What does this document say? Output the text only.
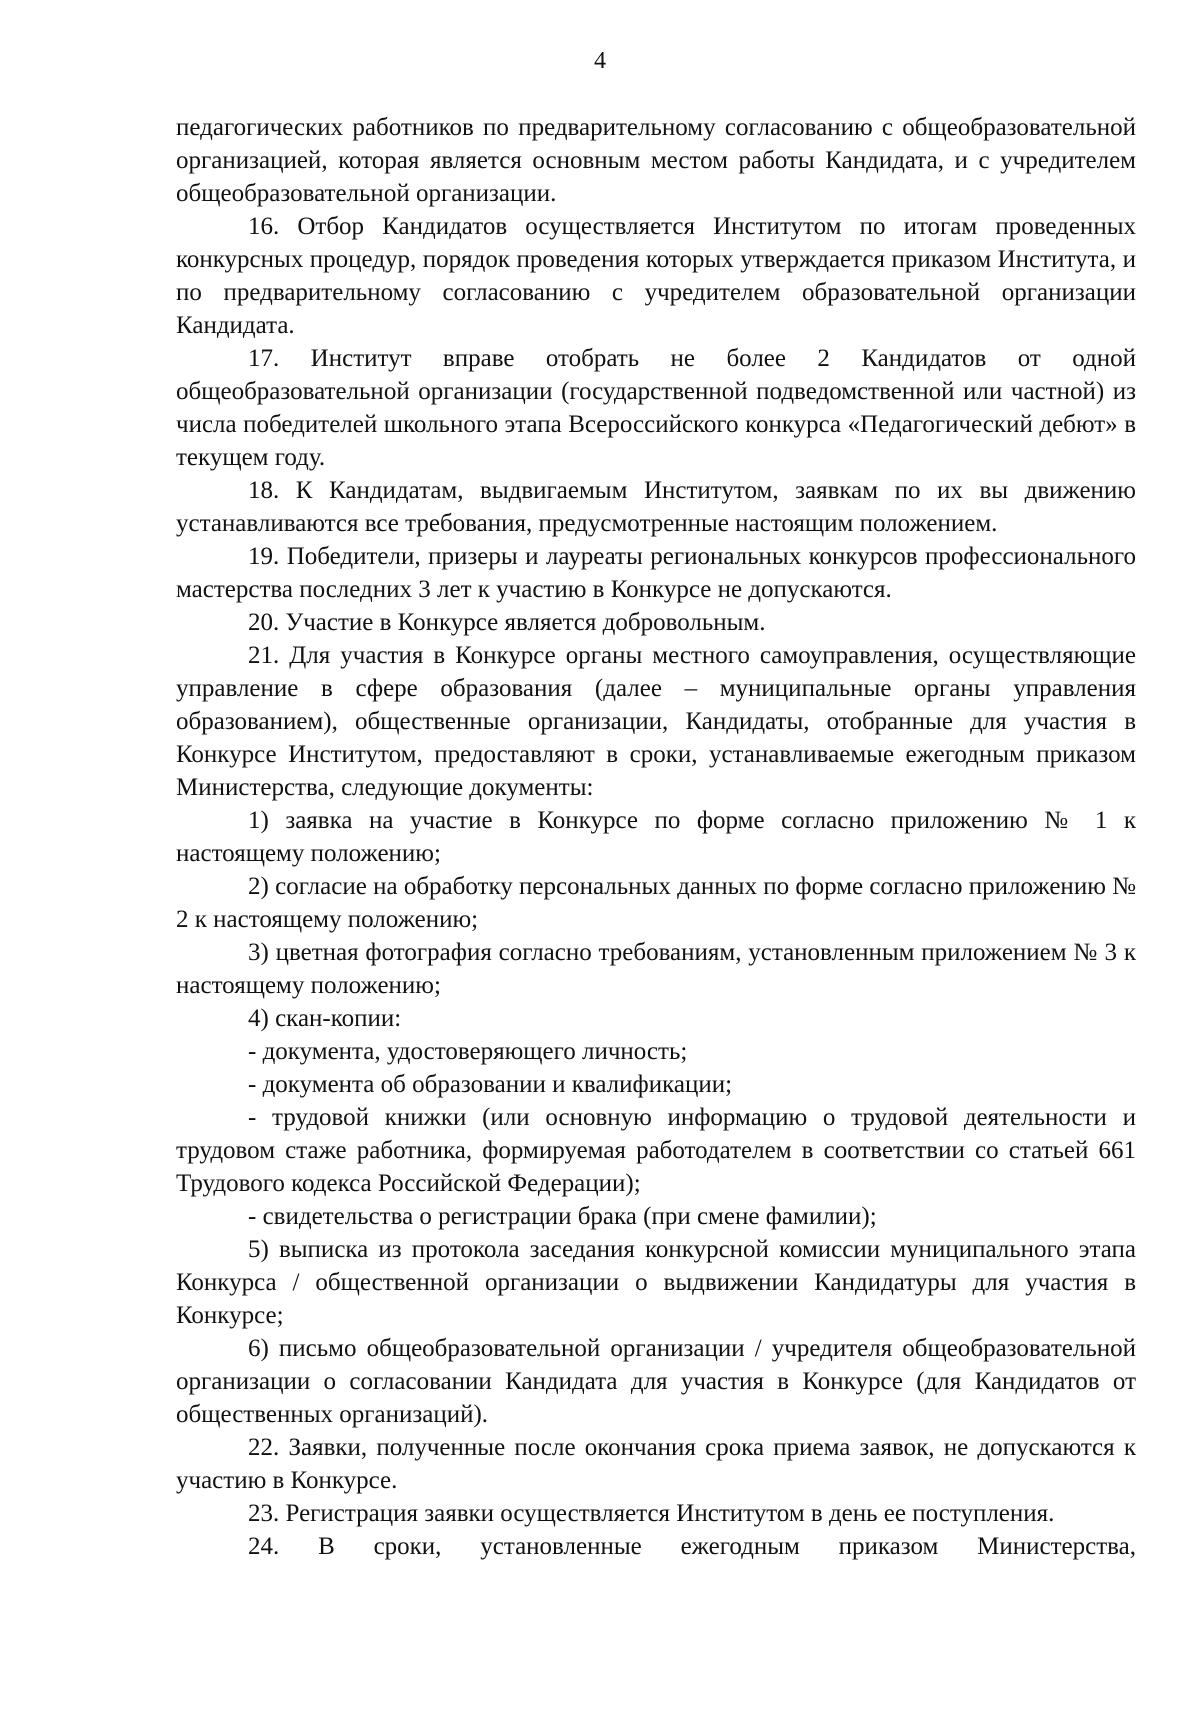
4

педагогических работников по предварительному согласованию с общеобразовательной организацией, которая является основным местом работы Кандидата, и с учредителем общеобразовательной организации.

16. Отбор Кандидатов осуществляется Институтом по итогам проведенных конкурсных процедур, порядок проведения которых утверждается приказом Института, и по предварительному согласованию с учредителем образовательной организации Кандидата.

17. Институт вправе отобрать не более 2 Кандидатов от одной общеобразовательной организации (государственной подведомственной или частной) из числа победителей школьного этапа Всероссийского конкурса «Педагогический дебют» в текущем году.

18. К Кандидатам, выдвигаемым Институтом, заявкам по их вы движению устанавливаются все требования, предусмотренные настоящим положением.

19. Победители, призеры и лауреаты региональных конкурсов профессионального мастерства последних 3 лет к участию в Конкурсе не допускаются.

20. Участие в Конкурсе является добровольным.

21. Для участия в Конкурсе органы местного самоуправления, осуществляющие управление в сфере образования (далее – муниципальные органы управления образованием), общественные организации, Кандидаты, отобранные для участия в Конкурсе Институтом, предоставляют в сроки, устанавливаемые ежегодным приказом Министерства, следующие документы:

1) заявка на участие в Конкурсе по форме согласно приложению № 1 к настоящему положению;

2) согласие на обработку персональных данных по форме согласно приложению № 2 к настоящему положению;

3) цветная фотография согласно требованиям, установленным приложением № 3 к настоящему положению;

4) скан-копии:

- документа, удостоверяющего личность;

- документа об образовании и квалификации;

- трудовой книжки (или основную информацию о трудовой деятельности и трудовом стаже работника, формируемая работодателем в соответствии со статьей 661 Трудового кодекса Российской Федерации);

- свидетельства о регистрации брака (при смене фамилии);

5) выписка из протокола заседания конкурсной комиссии муниципального этапа Конкурса / общественной организации о выдвижении Кандидатуры для участия в Конкурсе;

6) письмо общеобразовательной организации / учредителя общеобразовательной организации о согласовании Кандидата для участия в Конкурсе (для Кандидатов от общественных организаций).

22. Заявки, полученные после окончания срока приема заявок, не допускаются к участию в Конкурсе.

23. Регистрация заявки осуществляется Институтом в день ее поступления.

24. В сроки, установленные ежегодным приказом Министерства,
